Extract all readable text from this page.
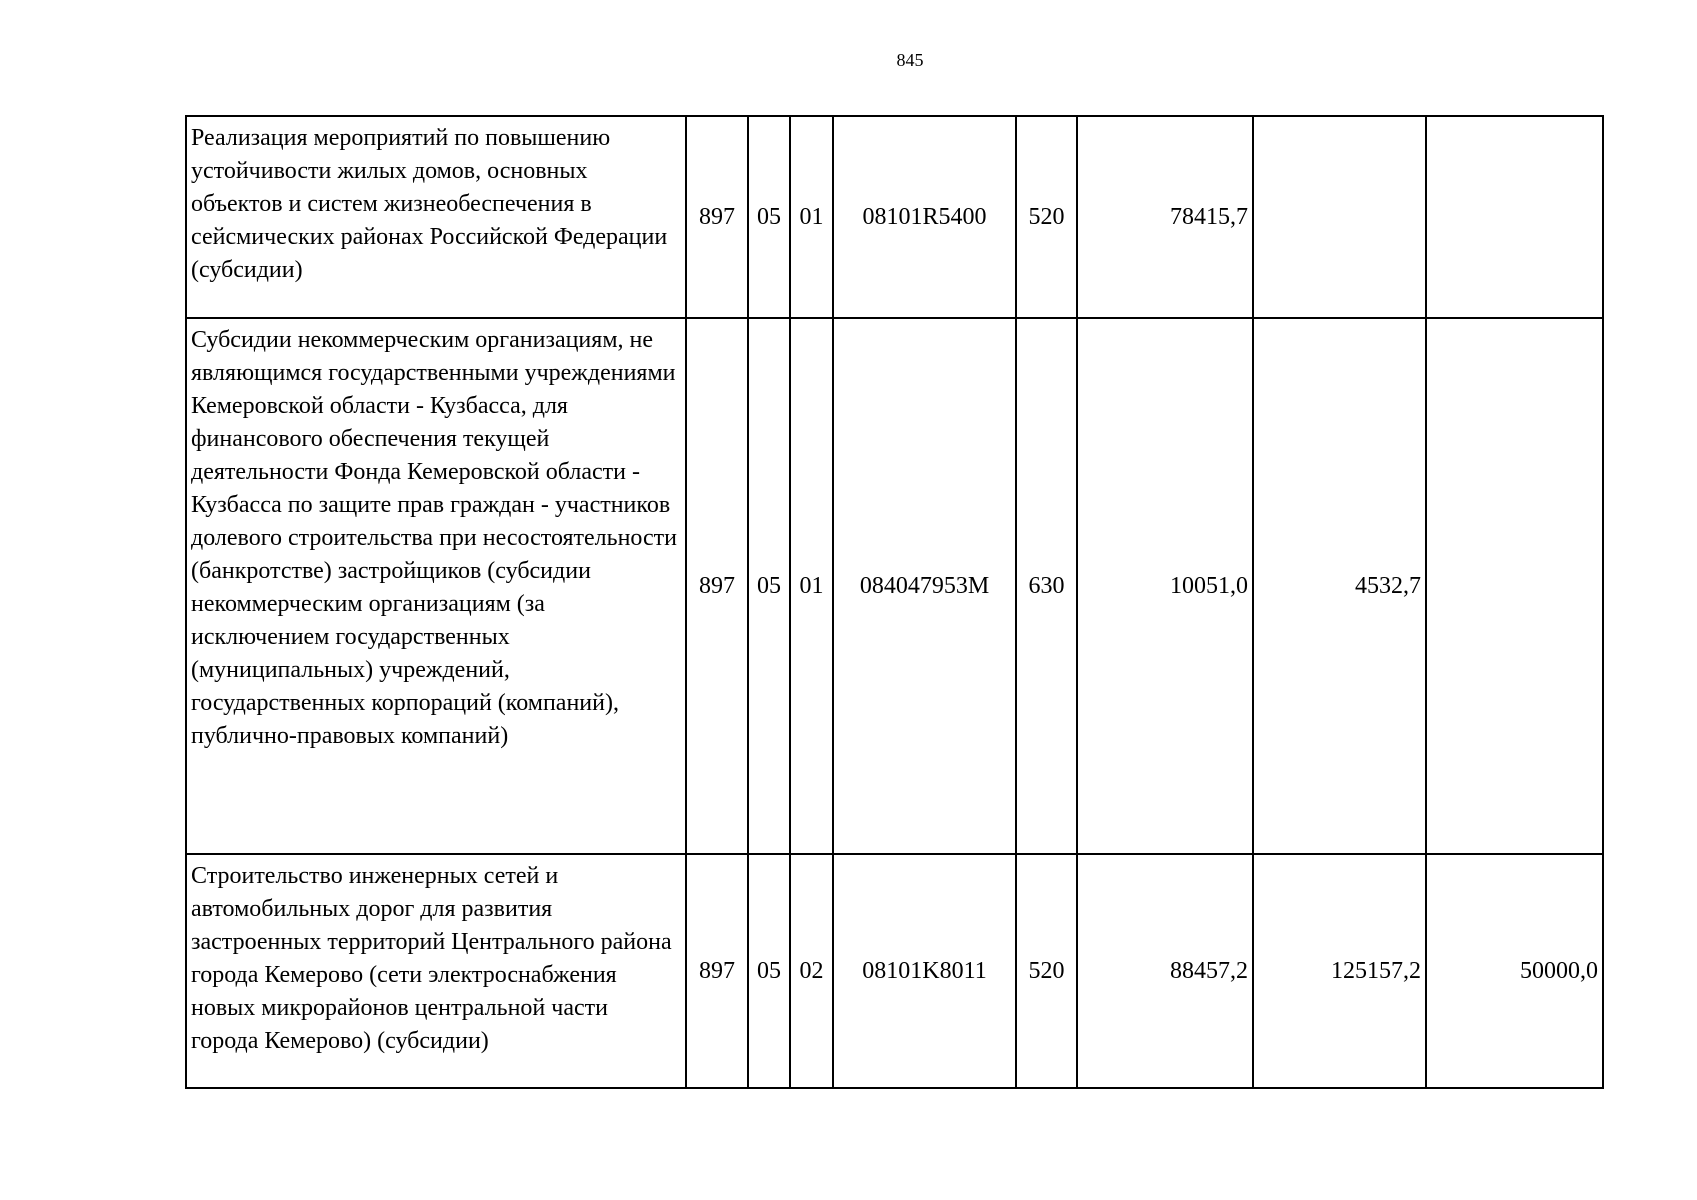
845
Реализация мероприятий по повышению устойчивости жилых домов, основных объектов и систем жизнеобеспечения в сейсмических районах Российской Федерации (субсидии)	897	05	01	08101R5400	520	78415,7		
Субсидии некоммерческим организациям, не являющимся государственными учреждениями Кемеровской области - Кузбасса, для финансового обеспечения текущей деятельности Фонда Кемеровской области - Кузбасса по защите прав граждан - участников долевого строительства при несостоятельности (банкротстве) застройщиков (субсидии некоммерческим организациям (за исключением государственных (муниципальных) учреждений, государственных корпораций (компаний), публично-правовых компаний)	897	05	01	084047953M	630	10051,0	4532,7	
Строительство инженерных сетей и автомобильных дорог для развития застроенных территорий Центрального района города Кемерово (сети электроснабжения новых микрорайонов центральной части города Кемерово) (субсидии)	897	05	02	08101K8011	520	88457,2	125157,2	50000,0
